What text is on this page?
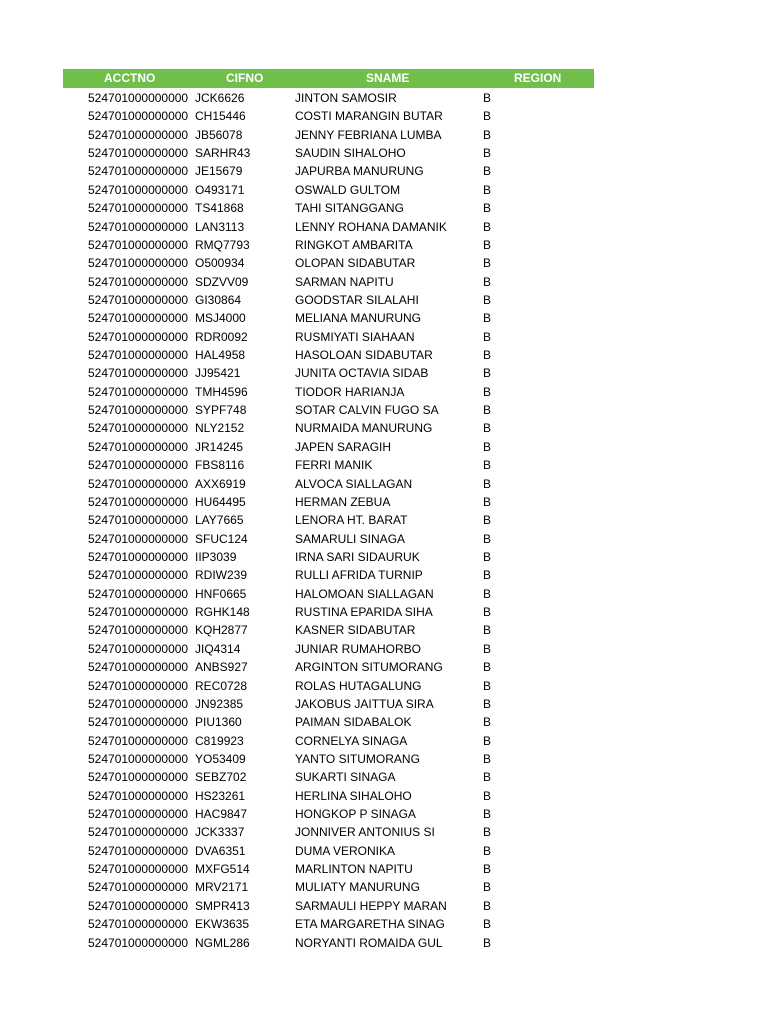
ACCTNO	CIFNO	SNAME	REGION
524701000000000 JCK6626	JINTON SAMOSIR	B
524701000000000 CH15446	COSTI MARANGIN BUTAR	B
524701000000000 JB56078	JENNY FEBRIANA LUMBA	B
524701000000000 SARHR43	SAUDIN SIHALOHO	B
524701000000000 JE15679	JAPURBA MANURUNG	B
524701000000000 O493171	OSWALD GULTOM	B
524701000000000 TS41868	TAHI SITANGGANG	B
524701000000000 LAN3113	LENNY ROHANA DAMANIK	B
524701000000000 RMQ7793	RINGKOT AMBARITA	B
524701000000000 O500934	OLOPAN SIDABUTAR	B
524701000000000 SDZVV09	SARMAN NAPITU	B
524701000000000 GI30864	GOODSTAR SILALAHI	B
524701000000000 MSJ4000	MELIANA MANURUNG	B
524701000000000 RDR0092	RUSMIYATI SIAHAAN	B
524701000000000 HAL4958	HASOLOAN SIDABUTAR	B
524701000000000 JJ95421	JUNITA OCTAVIA SIDAB	B
524701000000000 TMH4596	TIODOR HARIANJA	B
524701000000000 SYPF748	SOTAR CALVIN FUGO SA	B
524701000000000 NLY2152	NURMAIDA MANURUNG	B
524701000000000 JR14245	JAPEN SARAGIH	B
524701000000000 FBS8116	FERRI MANIK	B
524701000000000 AXX6919	ALVOCA SIALLAGAN	B
524701000000000 HU64495	HERMAN ZEBUA	B
524701000000000 LAY7665	LENORA HT. BARAT	B
524701000000000 SFUC124	SAMARULI SINAGA	B
524701000000000 IIP3039	IRNA SARI SIDAURUK	B
524701000000000 RDIW239	RULLI AFRIDA TURNIP	B
524701000000000 HNF0665	HALOMOAN SIALLAGAN	B
524701000000000 RGHK148	RUSTINA EPARIDA SIHA	B
524701000000000 KQH2877	KASNER SIDABUTAR	B
524701000000000 JIQ4314	JUNIAR RUMAHORBO	B
524701000000000 ANBS927	ARGINTON SITUMORANG	B
524701000000000 REC0728	ROLAS HUTAGALUNG	B
524701000000000 JN92385	JAKOBUS JAITTUA SIRA	B
524701000000000 PIU1360	PAIMAN SIDABALOK	B
524701000000000 C819923	CORNELYA SINAGA	B
524701000000000 YO53409	YANTO SITUMORANG	B
524701000000000 SEBZ702	SUKARTI SINAGA	B
524701000000000 HS23261	HERLINA SIHALOHO	B
524701000000000 HAC9847	HONGKOP P SINAGA	B
524701000000000 JCK3337	JONNIVER ANTONIUS SI	B
524701000000000 DVA6351	DUMA VERONIKA	B
524701000000000 MXFG514	MARLINTON NAPITU	B
524701000000000 MRV2171	MULIATY MANURUNG	B
524701000000000 SMPR413	SARMAULI HEPPY MARAN	B
524701000000000 EKW3635	ETA MARGARETHA SINAG	B
524701000000000 NGML286	NORYANTI ROMAIDA GUL	B
